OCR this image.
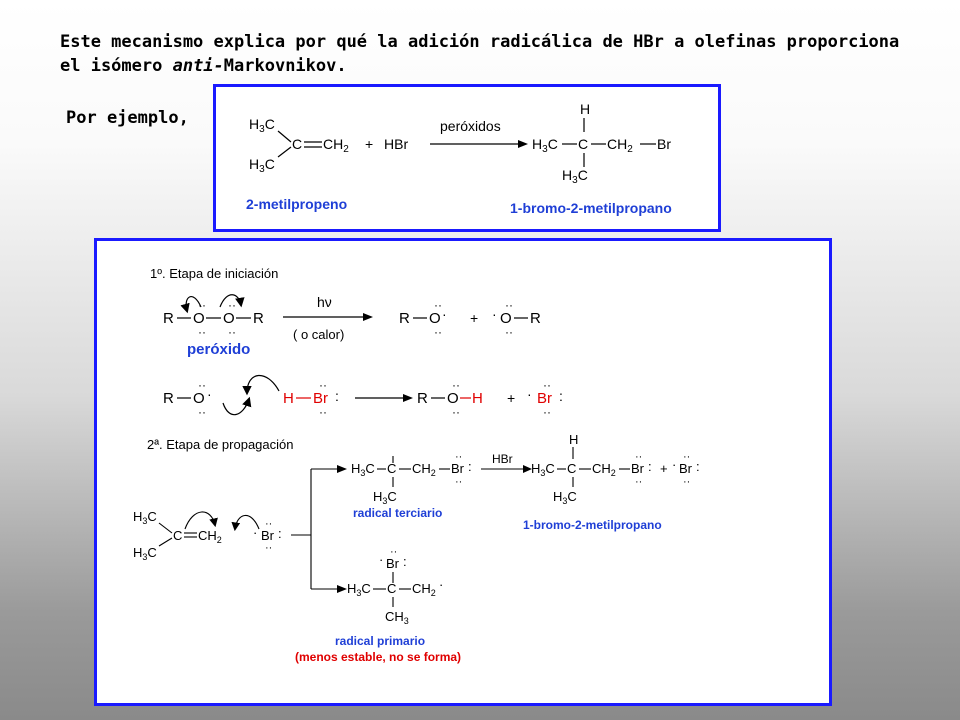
Este mecanismo explica por qué la adición radicálica de HBr a olefinas proporciona
el isómero anti-Markovnikov.
Por ejemplo,	$H_3C$
$H_3C$
C $CH_2$ + HBr
peróxidos
H
$H_3C$ C $CH_2$ Br
$H_3C$
2-metilpropeno	1-bromo-2-metilpropano
1º. Etapa de iniciación
R O
··
··
O
··
··
R
peróxido
hν
( o calor)
R O
··
··
· + · O
··
··
R
R O
··
··
·	H Br
··
··
:	R O
··
··
H + · Br
··
··
:
2ª. Etapa de propagación
$H_3C$
$H_3C$
C $CH_2 \cdot Br$
··
··
:
$H_3C$ C $CH_2$ Br
··
··
:
$H_3C$
radical terciario
HBr
H
$H_3C$ C $CH_2$ Br
··
··
:
$H_3C$
1-bromo-2-metilpropano
+ · Br
··
··
:
· Br
··
:
$H_3C$ C $CH_2$
·
$CH_3$
radical primario
(menos estable, no se forma)
